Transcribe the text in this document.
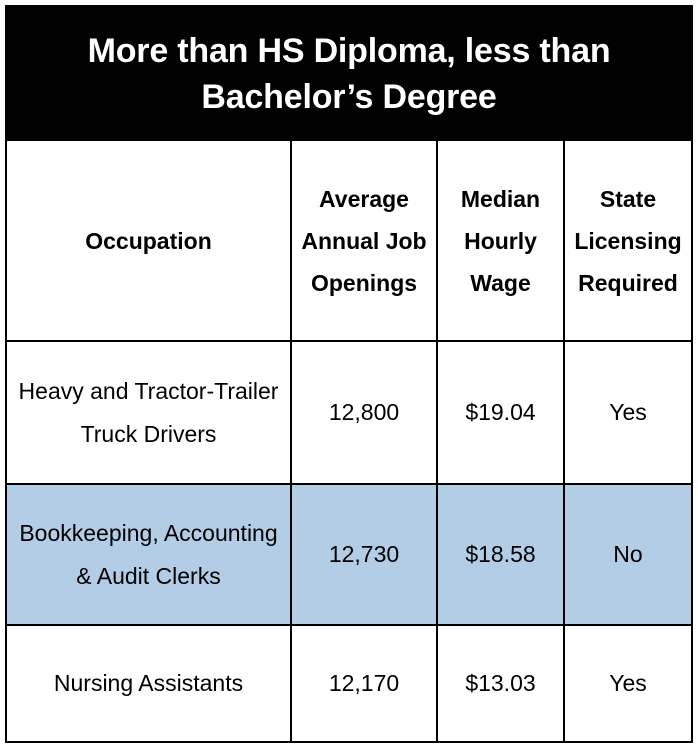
More than HS Diploma, less than Bachelor’s Degree
Occupation	Average Annual Job Openings	Median Hourly Wage	State Licensing Required
Heavy and Tractor-Trailer Truck Drivers	12,800	$19.04	Yes
Bookkeeping, Accounting & Audit Clerks	12,730	$18.58	No
Nursing Assistants	12,170	$13.03	Yes
